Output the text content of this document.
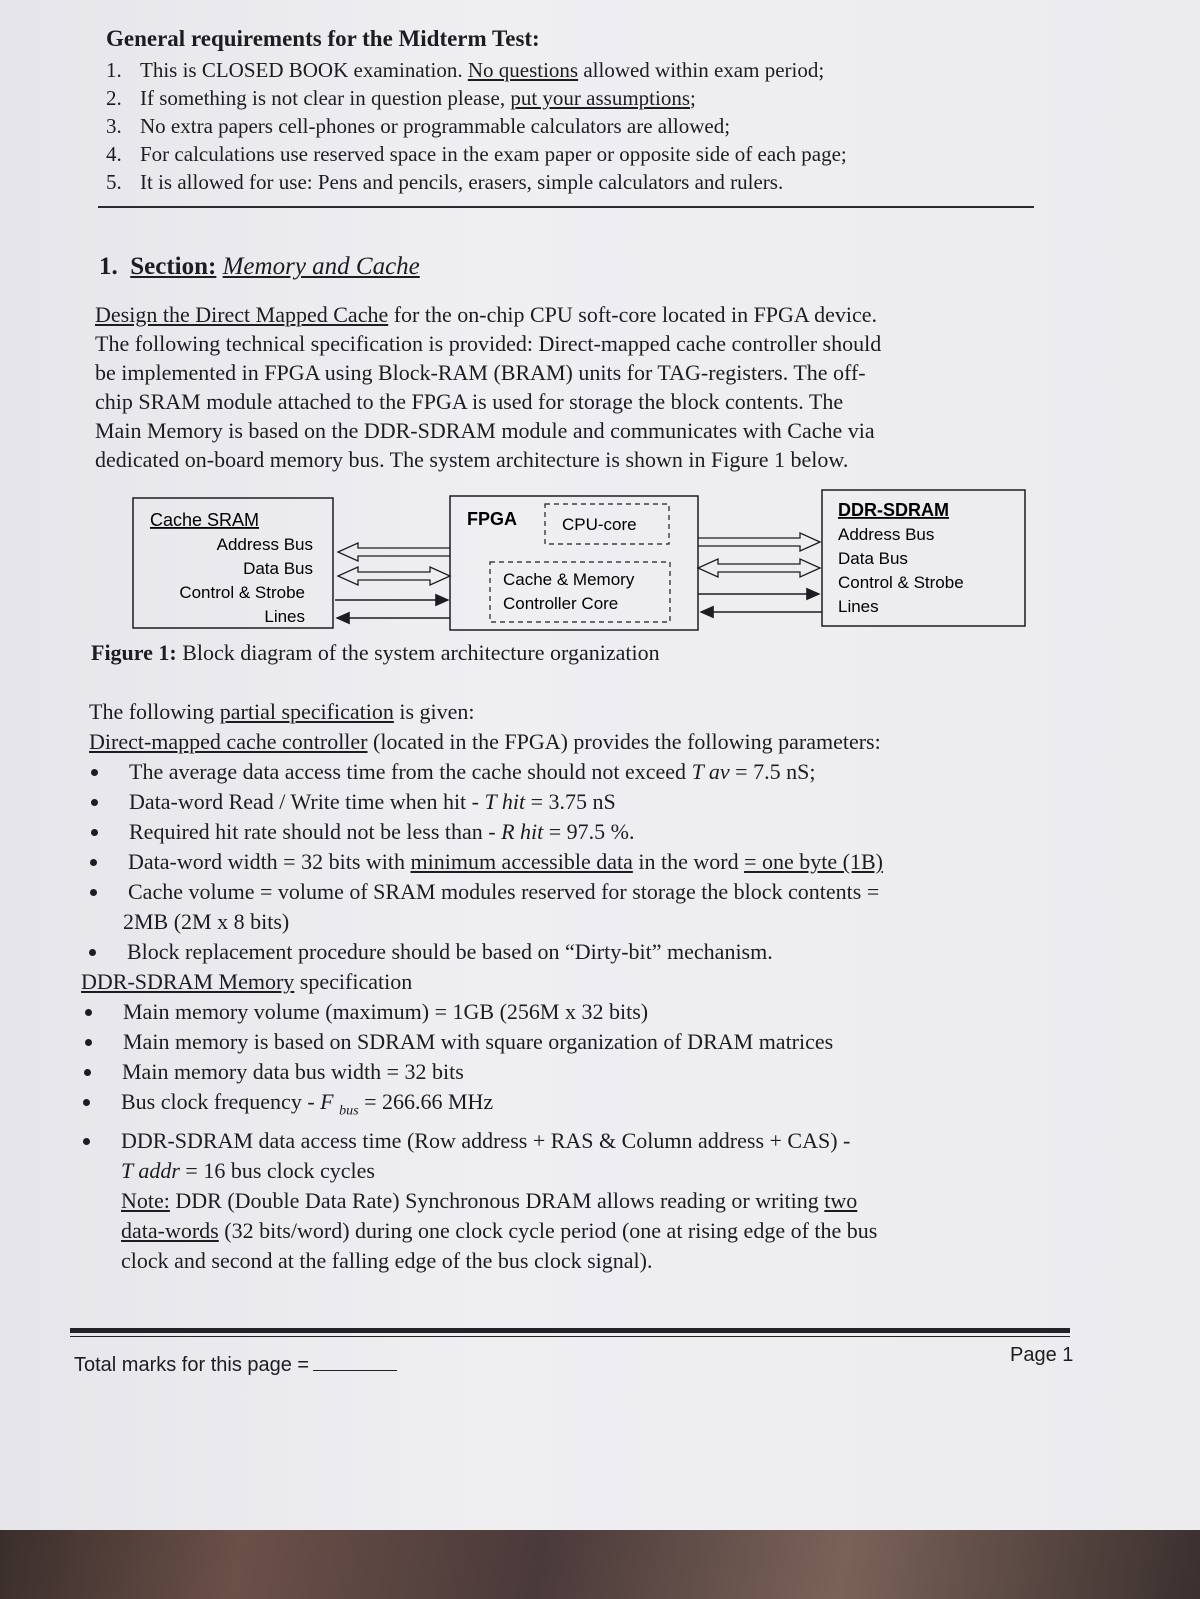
General requirements for the Midterm Test:
1. This is CLOSED BOOK examination. No questions allowed within exam period;
2. If something is not clear in question please, put your assumptions;
3. No extra papers cell-phones or programmable calculators are allowed;
4. For calculations use reserved space in the exam paper or opposite side of each page;
5. It is allowed for use: Pens and pencils, erasers, simple calculators and rulers.
1. Section: Memory and Cache
Design the Direct Mapped Cache for the on-chip CPU soft-core located in FPGA device.
The following technical specification is provided: Direct-mapped cache controller should
be implemented in FPGA using Block-RAM (BRAM) units for TAG-registers. The off-
chip SRAM module attached to the FPGA is used for storage the block contents. The
Main Memory is based on the DDR-SDRAM module and communicates with Cache via
dedicated on-board memory bus. The system architecture is shown in Figure 1 below.
Cache SRAM
Address Bus
Data Bus
Control & Strobe
Lines
FPGA	CPU-core
Cache & Memory
Controller Core
DDR-SDRAM
Address Bus
Data Bus
Control & Strobe
Lines
Figure 1: Block diagram of the system architecture organization
The following partial specification is given:
Direct-mapped cache controller (located in the FPGA) provides the following parameters:
The average data access time from the cache should not exceed T av = 7.5 nS;
Data-word Read / Write time when hit - T hit = 3.75 nS
Required hit rate should not be less than - R hit = 97.5 %.
Data-word width = 32 bits with minimum accessible data in the word = one byte (1B)
Cache volume = volume of SRAM modules reserved for storage the block contents =
2MB (2M x 8 bits)
Block replacement procedure should be based on “Dirty-bit” mechanism.
DDR-SDRAM Memory specification
Main memory volume (maximum) = 1GB (256M x 32 bits)
Main memory is based on SDRAM with square organization of DRAM matrices
Main memory data bus width = 32 bits
Bus clock frequency - F $_{bus}$ = 266.66 MHz
DDR-SDRAM data access time (Row address + RAS & Column address + CAS) -
T addr = 16 bus clock cycles
Note: DDR (Double Data Rate) Synchronous DRAM allows reading or writing two
data-words (32 bits/word) during one clock cycle period (one at rising edge of the bus
clock and second at the falling edge of the bus clock signal).
Total marks for this page =	Page 1
